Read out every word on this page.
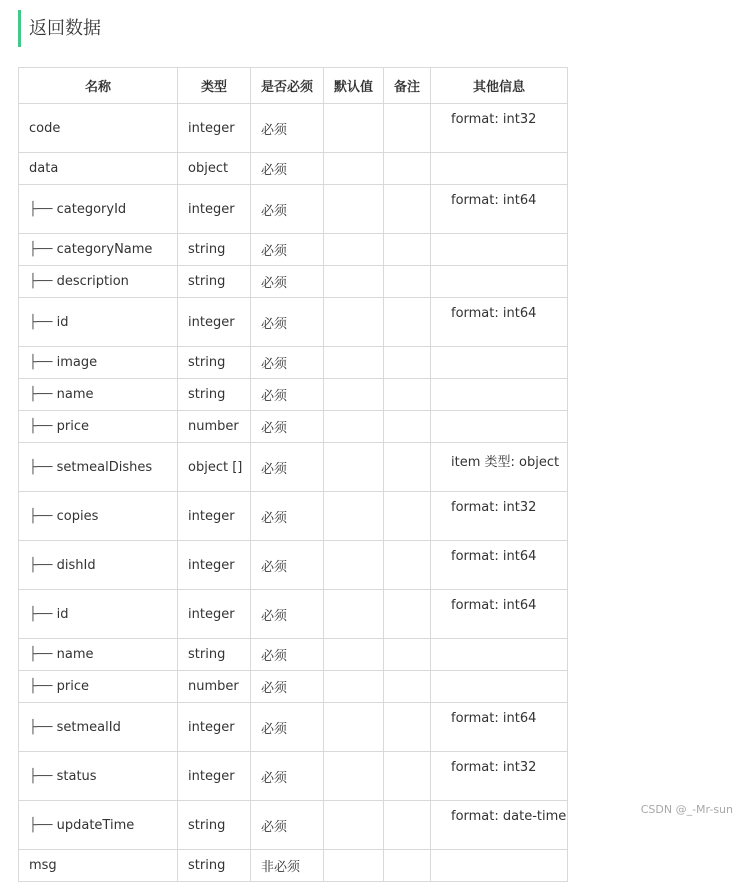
返回数据
名称	类型	是否必须	默认值	备注	其他信息
code	integer	必须			format: int32
data	object	必须			
├── categoryId	integer	必须			format: int64
├── categoryName	string	必须			
├── description	string	必须			
├── id	integer	必须			format: int64
├── image	string	必须			
├── name	string	必须			
├── price	number	必须			
├── setmealDishes	object []	必须			item 类型: object
├── copies	integer	必须			format: int32
├── dishId	integer	必须			format: int64
├── id	integer	必须			format: int64
├── name	string	必须			
├── price	number	必须			
├── setmealId	integer	必须			format: int64
├── status	integer	必须			format: int32
├── updateTime	string	必须			format: date-time
msg	string	非必须			
CSDN @_-Mr-sun
